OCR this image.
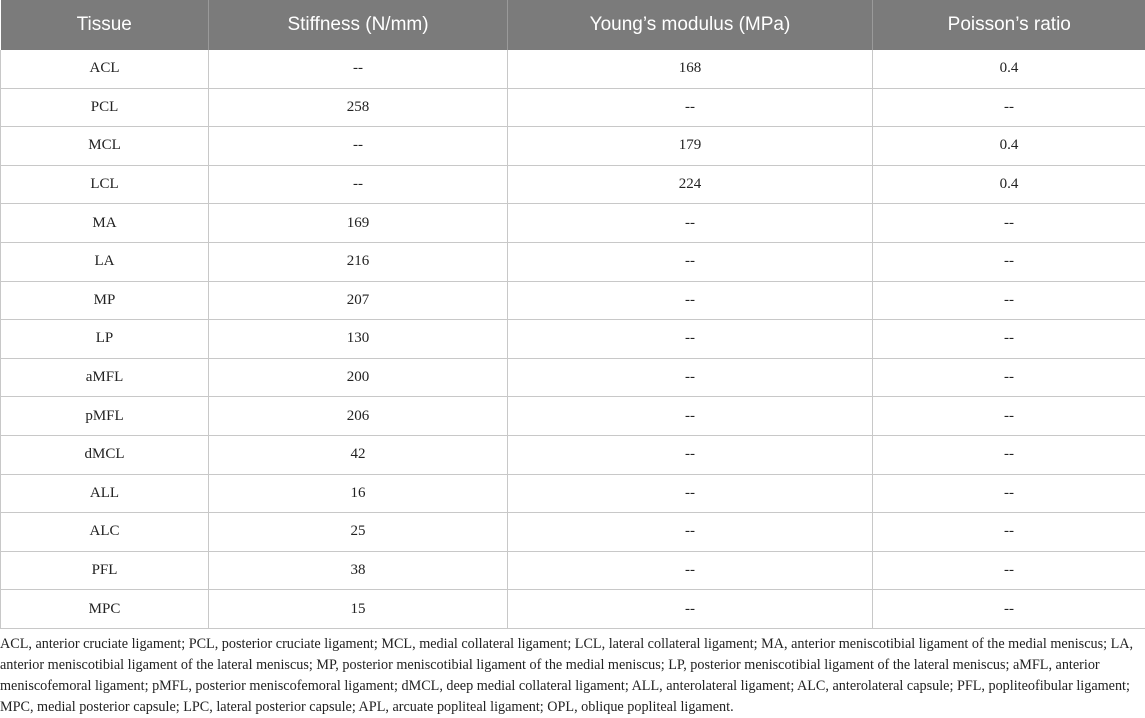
Tissue	Stiffness (N/mm)	Young’s modulus (MPa)	Poisson’s ratio
ACL	--	168	0.4
PCL	258	--	--
MCL	--	179	0.4
LCL	--	224	0.4
MA	169	--	--
LA	216	--	--
MP	207	--	--
LP	130	--	--
aMFL	200	--	--
pMFL	206	--	--
dMCL	42	--	--
ALL	16	--	--
ALC	25	--	--
PFL	38	--	--
MPC	15	--	--

ACL, anterior cruciate ligament; PCL, posterior cruciate ligament; MCL, medial collateral ligament; LCL, lateral collateral ligament; MA, anterior meniscotibial ligament of the medial meniscus; LA, anterior meniscotibial ligament of the lateral meniscus; MP, posterior meniscotibial ligament of the medial meniscus; LP, posterior meniscotibial ligament of the lateral meniscus; aMFL, anterior meniscofemoral ligament; pMFL, posterior meniscofemoral ligament; dMCL, deep medial collateral ligament; ALL, anterolateral ligament; ALC, anterolateral capsule; PFL, popliteofibular ligament; MPC, medial posterior capsule; LPC, lateral posterior capsule; APL, arcuate popliteal ligament; OPL, oblique popliteal ligament.
